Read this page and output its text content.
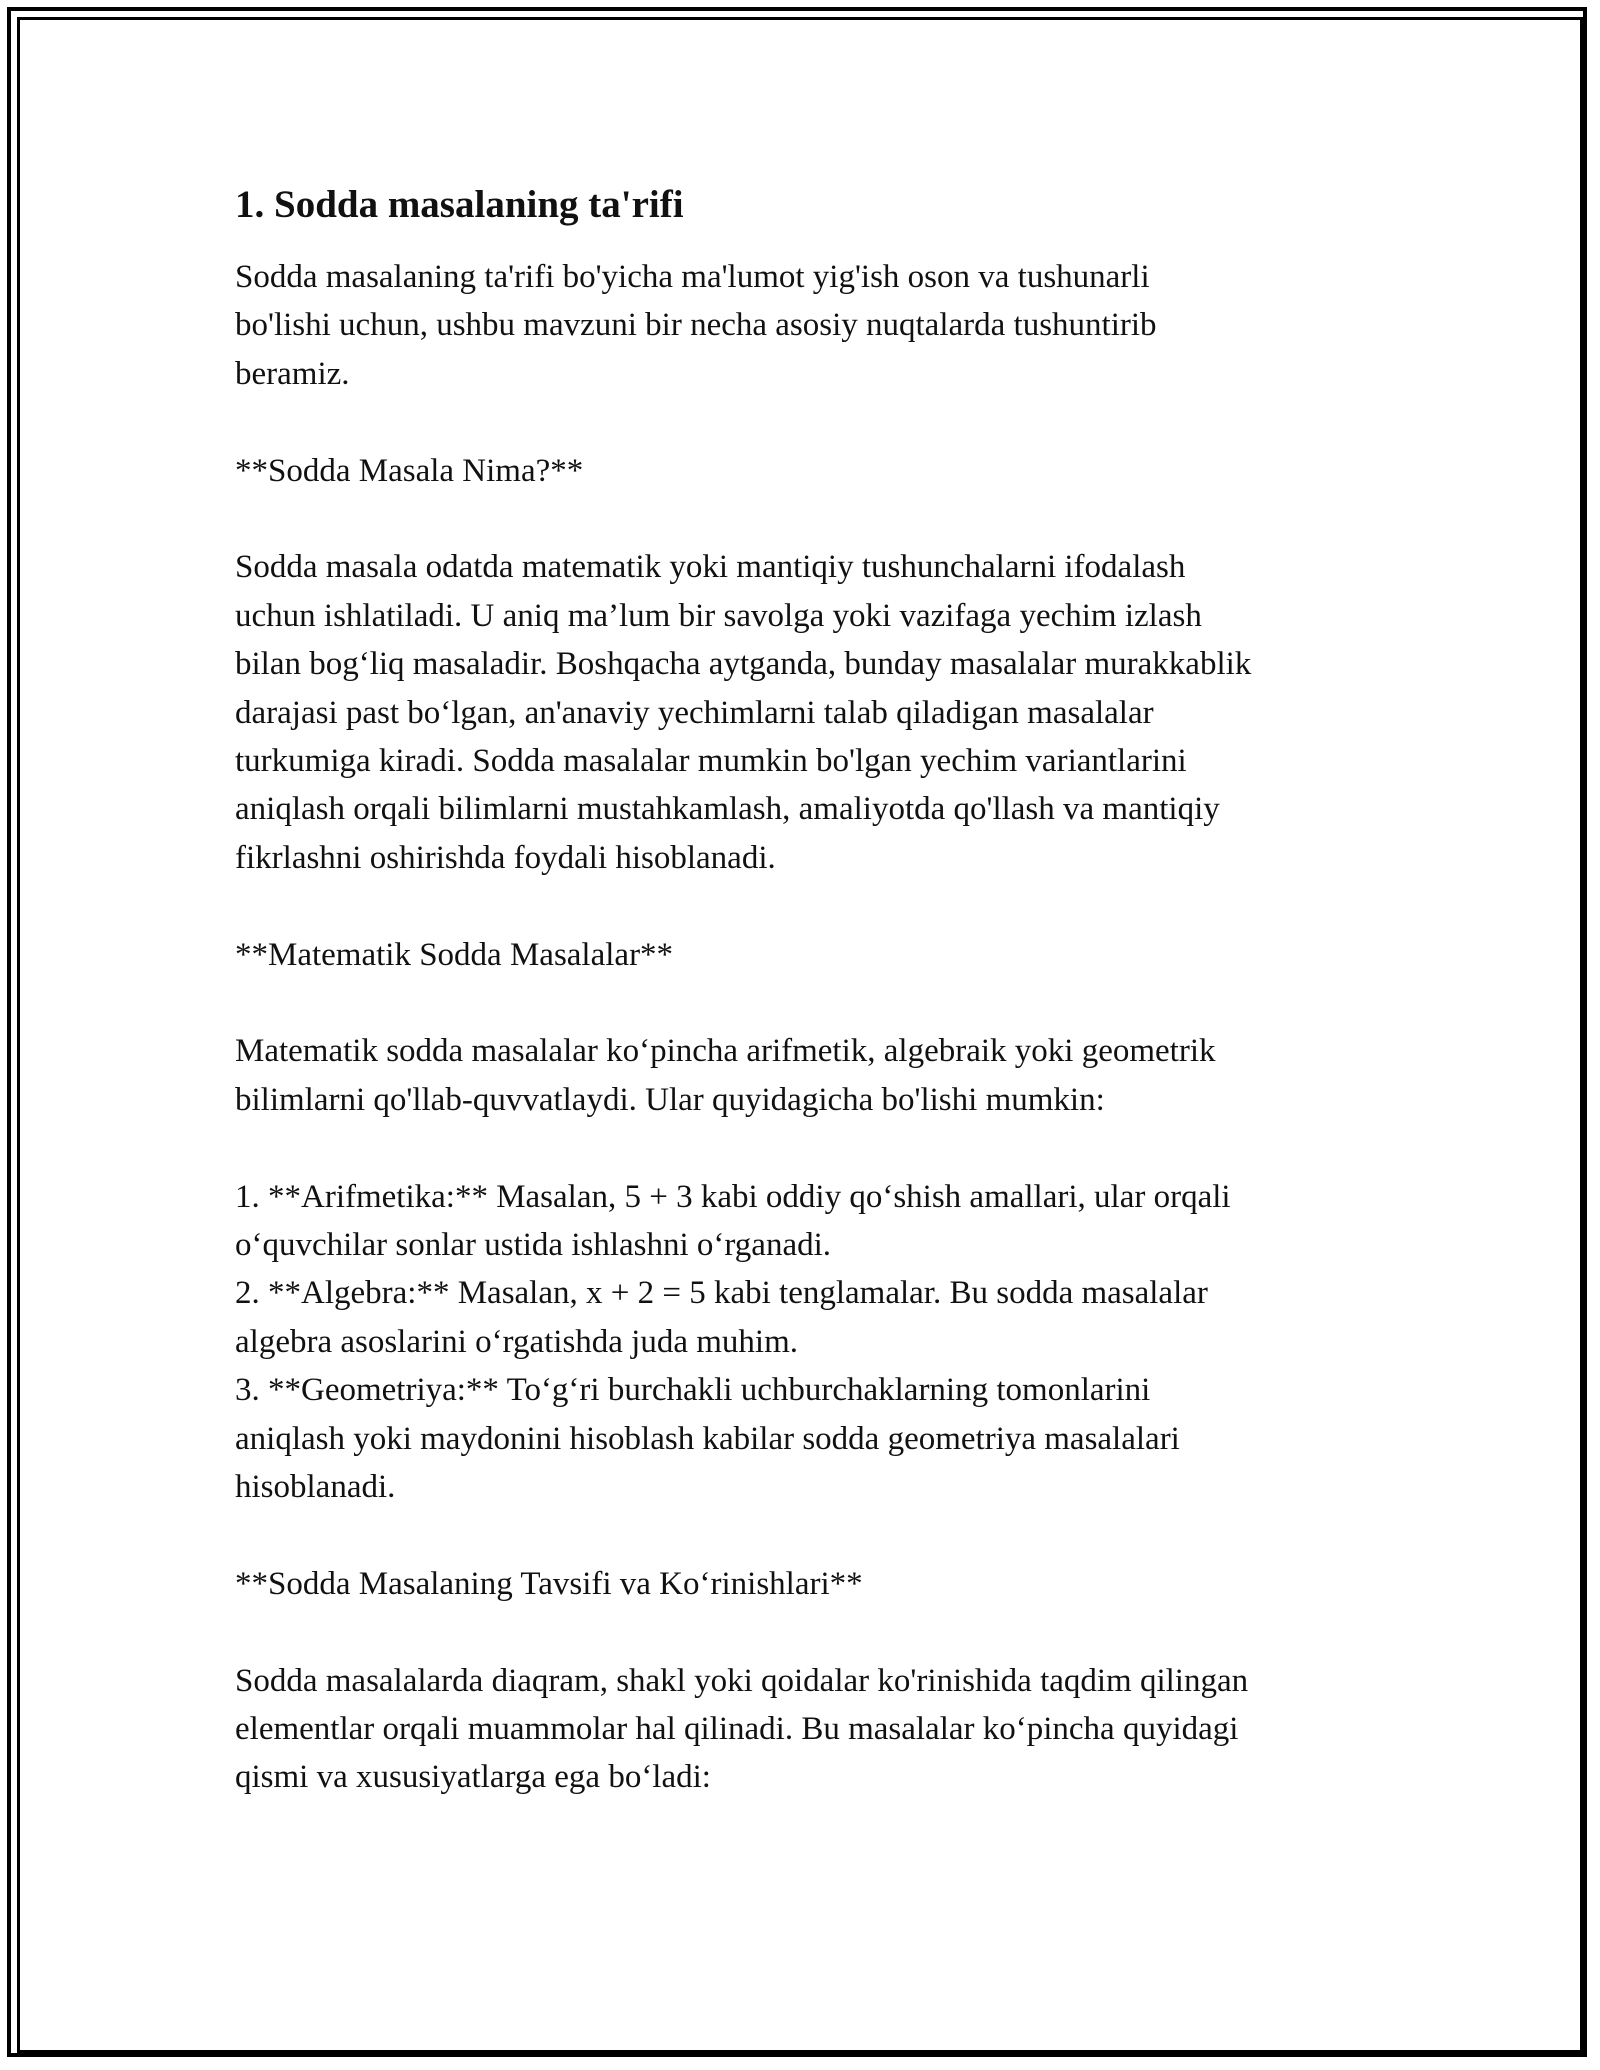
1. Sodda masalaning ta'rifi
Sodda masalaning ta'rifi bo'yicha ma'lumot yig'ish oson va tushunarli
bo'lishi uchun, ushbu mavzuni bir necha asosiy nuqtalarda tushuntirib
beramiz.
**Sodda Masala Nima?**
Sodda masala odatda matematik yoki mantiqiy tushunchalarni ifodalash
uchun ishlatiladi. U aniq ma’lum bir savolga yoki vazifaga yechim izlash
bilan bog‘liq masaladir. Boshqacha aytganda, bunday masalalar murakkablik
darajasi past bo‘lgan, an'anaviy yechimlarni talab qiladigan masalalar
turkumiga kiradi. Sodda masalalar mumkin bo'lgan yechim variantlarini
aniqlash orqali bilimlarni mustahkamlash, amaliyotda qo'llash va mantiqiy
fikrlashni oshirishda foydali hisoblanadi.
**Matematik Sodda Masalalar**
Matematik sodda masalalar ko‘pincha arifmetik, algebraik yoki geometrik
bilimlarni qo'llab-quvvatlaydi. Ular quyidagicha bo'lishi mumkin:
1. **Arifmetika:** Masalan, 5 + 3 kabi oddiy qo‘shish amallari, ular orqali
o‘quvchilar sonlar ustida ishlashni o‘rganadi.
2. **Algebra:** Masalan, x + 2 = 5 kabi tenglamalar. Bu sodda masalalar
algebra asoslarini o‘rgatishda juda muhim.
3. **Geometriya:** To‘g‘ri burchakli uchburchaklarning tomonlarini
aniqlash yoki maydonini hisoblash kabilar sodda geometriya masalalari
hisoblanadi.
**Sodda Masalaning Tavsifi va Ko‘rinishlari**
Sodda masalalarda diaqram, shakl yoki qoidalar ko'rinishida taqdim qilingan
elementlar orqali muammolar hal qilinadi. Bu masalalar ko‘pincha quyidagi
qismi va xususiyatlarga ega bo‘ladi:
